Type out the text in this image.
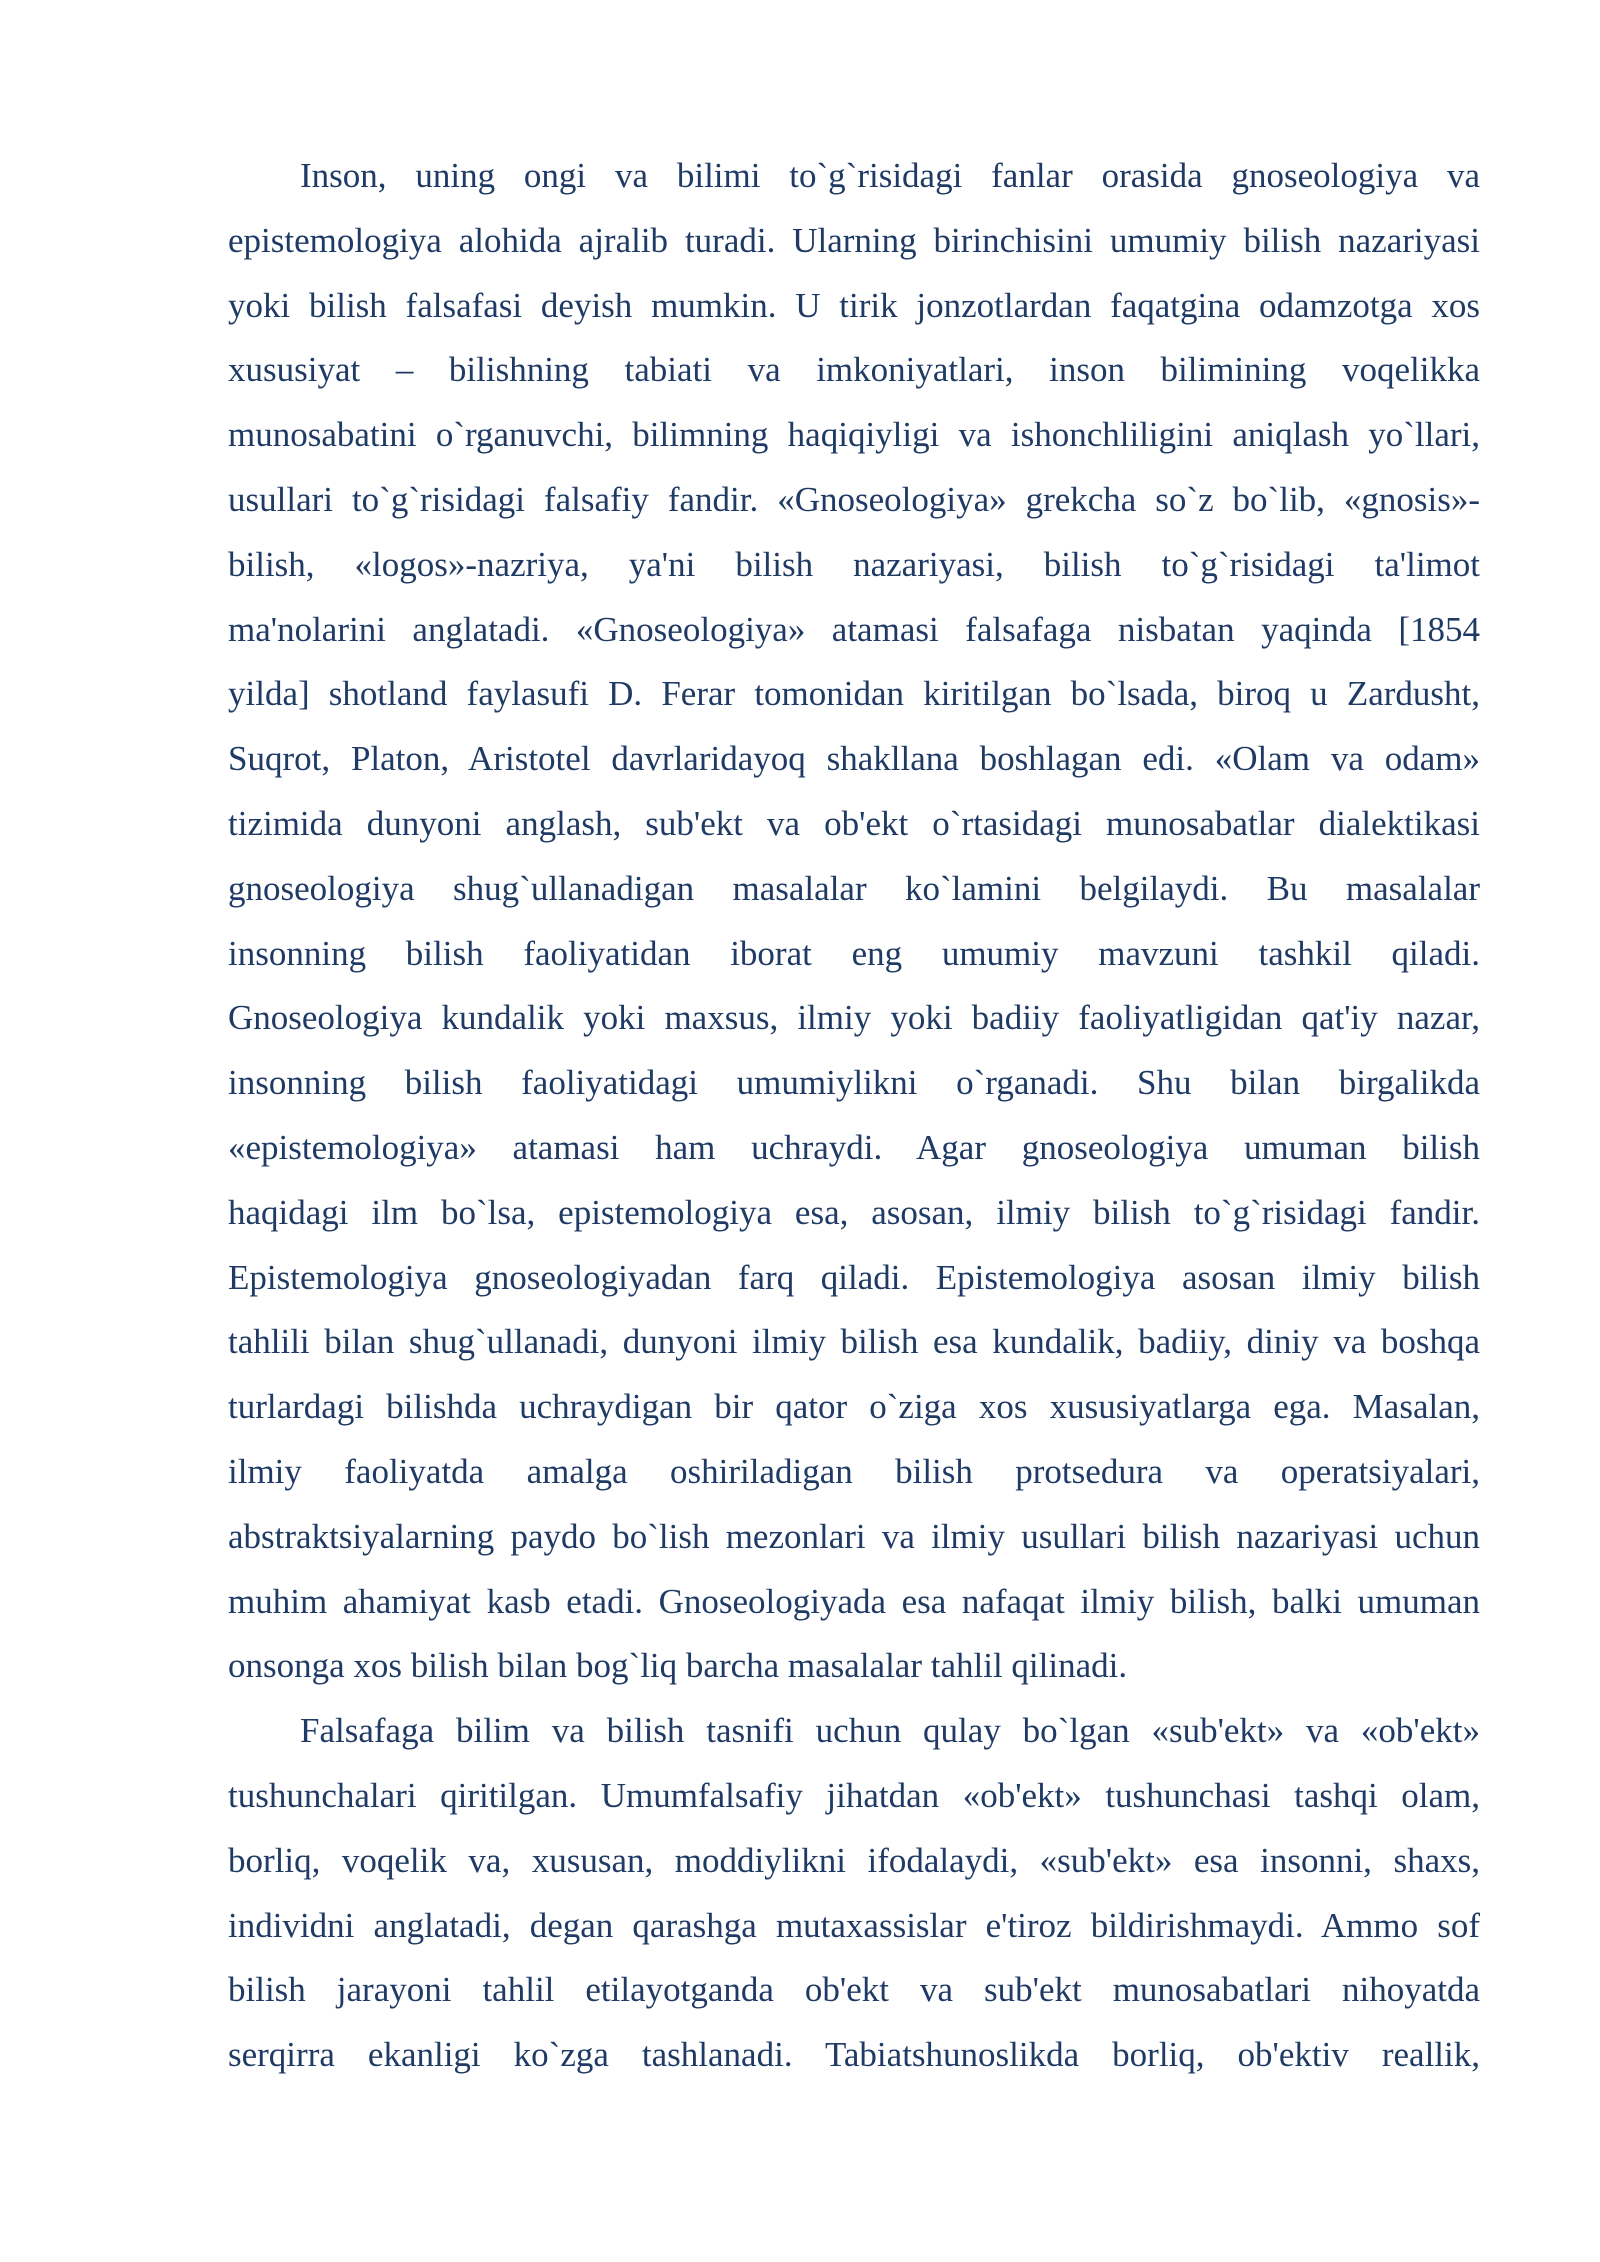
Inson, uning ongi va bilimi to`g`risidagi fanlar orasida gnoseologiya va
epistemologiya alohida ajralib turadi. Ularning birinchisini umumiy bilish nazariyasi
yoki bilish falsafasi deyish mumkin. U tirik jonzotlardan faqatgina odamzotga xos
xususiyat – bilishning tabiati va imkoniyatlari, inson bilimining voqelikka
munosabatini o`rganuvchi, bilimning haqiqiyligi va ishonchliligini aniqlash yo`llari,
usullari to`g`risidagi falsafiy fandir. «Gnoseologiya» grekcha so`z bo`lib, «gnosis»-
bilish, «logos»-nazriya, ya'ni bilish nazariyasi, bilish to`g`risidagi ta'limot
ma'nolarini anglatadi. «Gnoseologiya» atamasi falsafaga nisbatan yaqinda [1854
yilda] shotland faylasufi D. Ferar tomonidan kiritilgan bo`lsada, biroq u Zardusht,
Suqrot, Platon, Aristotel davrlaridayoq shakllana boshlagan edi. «Olam va odam»
tizimida dunyoni anglash, sub'ekt va ob'ekt o`rtasidagi munosabatlar dialektikasi
gnoseologiya shug`ullanadigan masalalar ko`lamini belgilaydi. Bu masalalar
insonning bilish faoliyatidan iborat eng umumiy mavzuni tashkil qiladi.
Gnoseologiya kundalik yoki maxsus, ilmiy yoki badiiy faoliyatligidan qat'iy nazar,
insonning bilish faoliyatidagi umumiylikni o`rganadi. Shu bilan birgalikda
«epistemologiya» atamasi ham uchraydi. Agar gnoseologiya umuman bilish
haqidagi ilm bo`lsa, epistemologiya esa, asosan, ilmiy bilish to`g`risidagi fandir.
Epistemologiya gnoseologiyadan farq qiladi. Epistemologiya asosan ilmiy bilish
tahlili bilan shug`ullanadi, dunyoni ilmiy bilish esa kundalik, badiiy, diniy va boshqa
turlardagi bilishda uchraydigan bir qator o`ziga xos xususiyatlarga ega. Masalan,
ilmiy faoliyatda amalga oshiriladigan bilish protsedura va operatsiyalari,
abstraktsiyalarning paydo bo`lish mezonlari va ilmiy usullari bilish nazariyasi uchun
muhim ahamiyat kasb etadi. Gnoseologiyada esa nafaqat ilmiy bilish, balki umuman
onsonga xos bilish bilan bog`liq barcha masalalar tahlil qilinadi.
Falsafaga bilim va bilish tasnifi uchun qulay bo`lgan «sub'ekt» va «ob'ekt»
tushunchalari qiritilgan. Umumfalsafiy jihatdan «ob'ekt» tushunchasi tashqi olam,
borliq, voqelik va, xususan, moddiylikni ifodalaydi, «sub'ekt» esa insonni, shaxs,
individni anglatadi, degan qarashga mutaxassislar e'tiroz bildirishmaydi. Ammo sof
bilish jarayoni tahlil etilayotganda ob'ekt va sub'ekt munosabatlari nihoyatda
serqirra ekanligi ko`zga tashlanadi. Tabiatshunoslikda borliq, ob'ektiv reallik,
